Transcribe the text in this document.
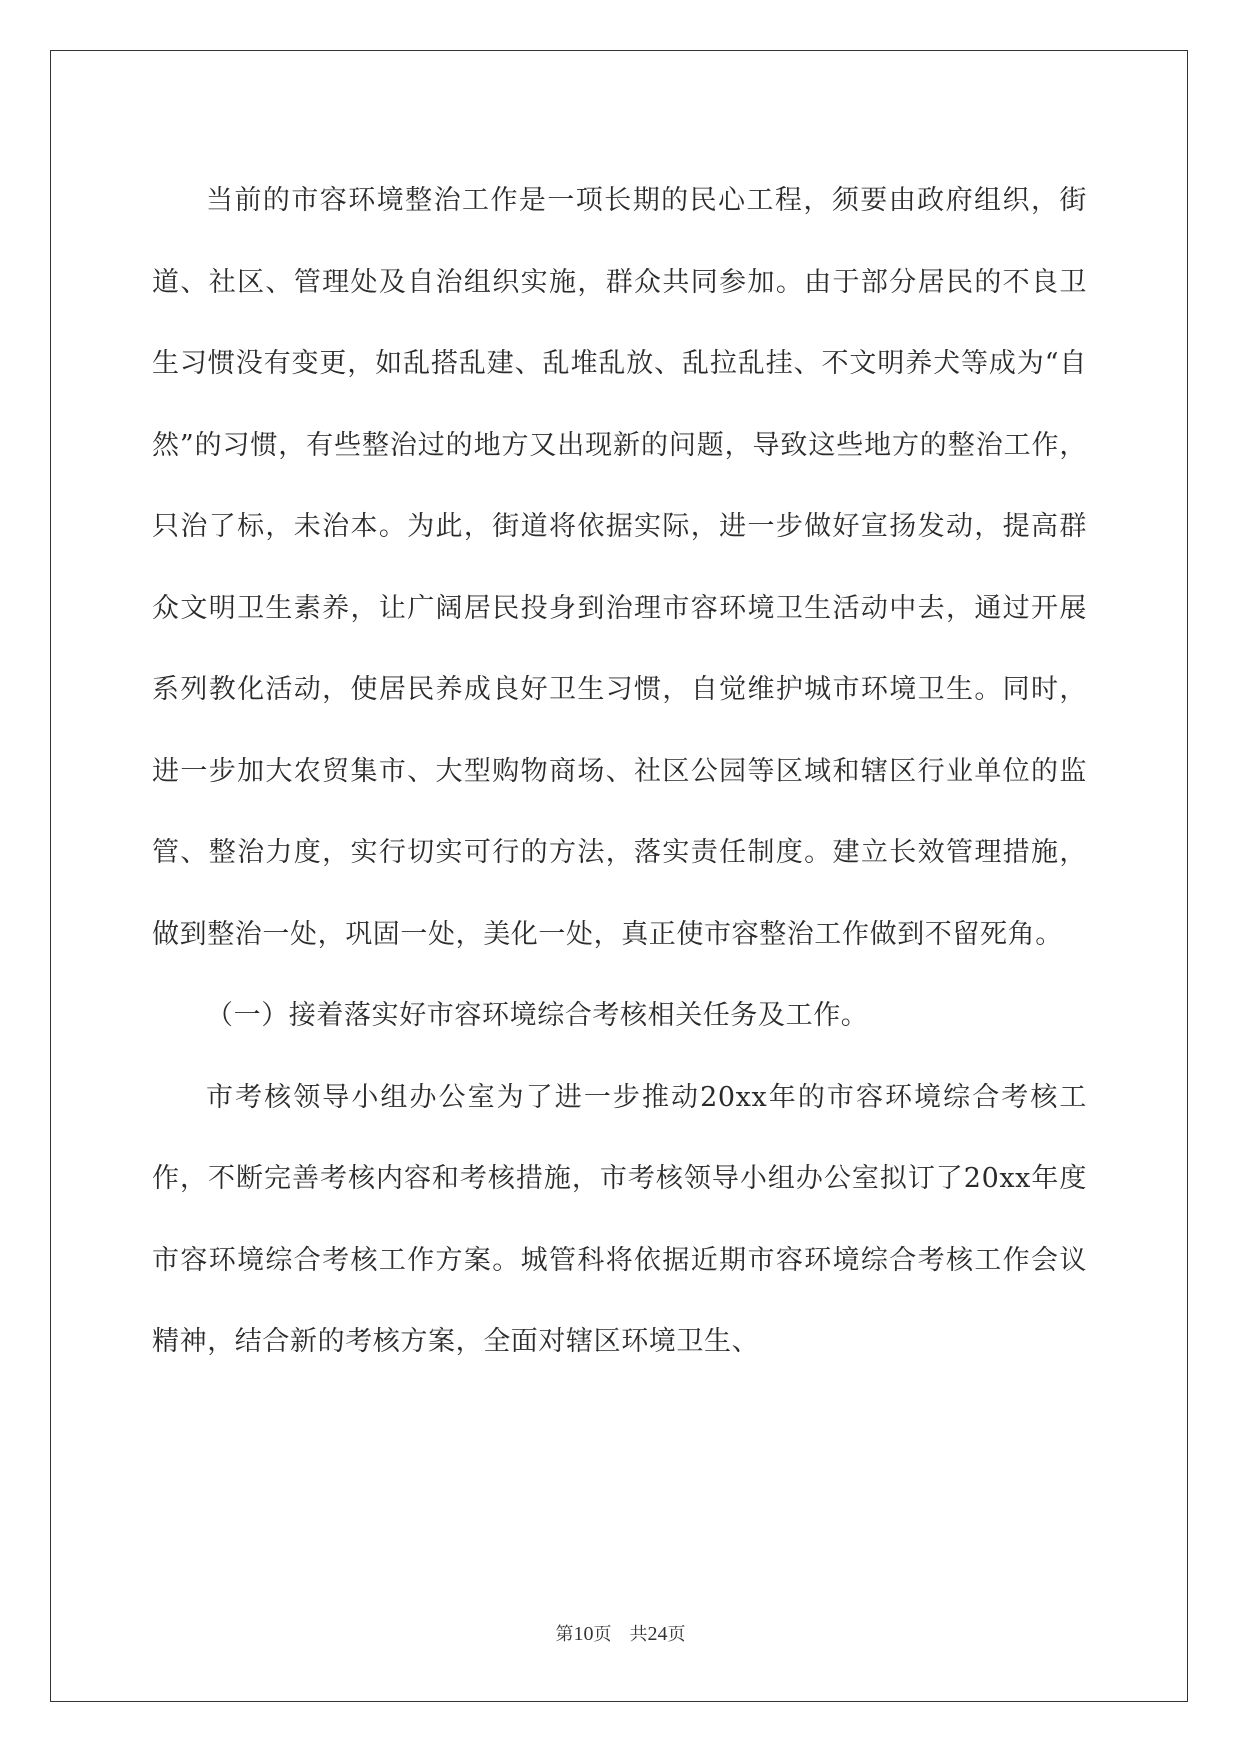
当前的市容环境整治工作是一项长期的民心工程，须要由政府组织，街道、社区、管理处及自治组织实施，群众共同参加。由于部分居民的不良卫生习惯没有变更，如乱搭乱建、乱堆乱放、乱拉乱挂、不文明养犬等成为“自然”的习惯，有些整治过的地方又出现新的问题，导致这些地方的整治工作，只治了标，未治本。为此，街道将依据实际，进一步做好宣扬发动，提高群众文明卫生素养，让广阔居民投身到治理市容环境卫生活动中去，通过开展系列教化活动，使居民养成良好卫生习惯，自觉维护城市环境卫生。同时，进一步加大农贸集市、大型购物商场、社区公园等区域和辖区行业单位的监管、整治力度，实行切实可行的方法，落实责任制度。建立长效管理措施，做到整治一处，巩固一处，美化一处，真正使市容整治工作做到不留死角。

（一）接着落实好市容环境综合考核相关任务及工作。

市考核领导小组办公室为了进一步推动20xx年的市容环境综合考核工作，不断完善考核内容和考核措施，市考核领导小组办公室拟订了20xx年度市容环境综合考核工作方案。城管科将依据近期市容环境综合考核工作会议精神，结合新的考核方案，全面对辖区环境卫生、

第10页 共24页
